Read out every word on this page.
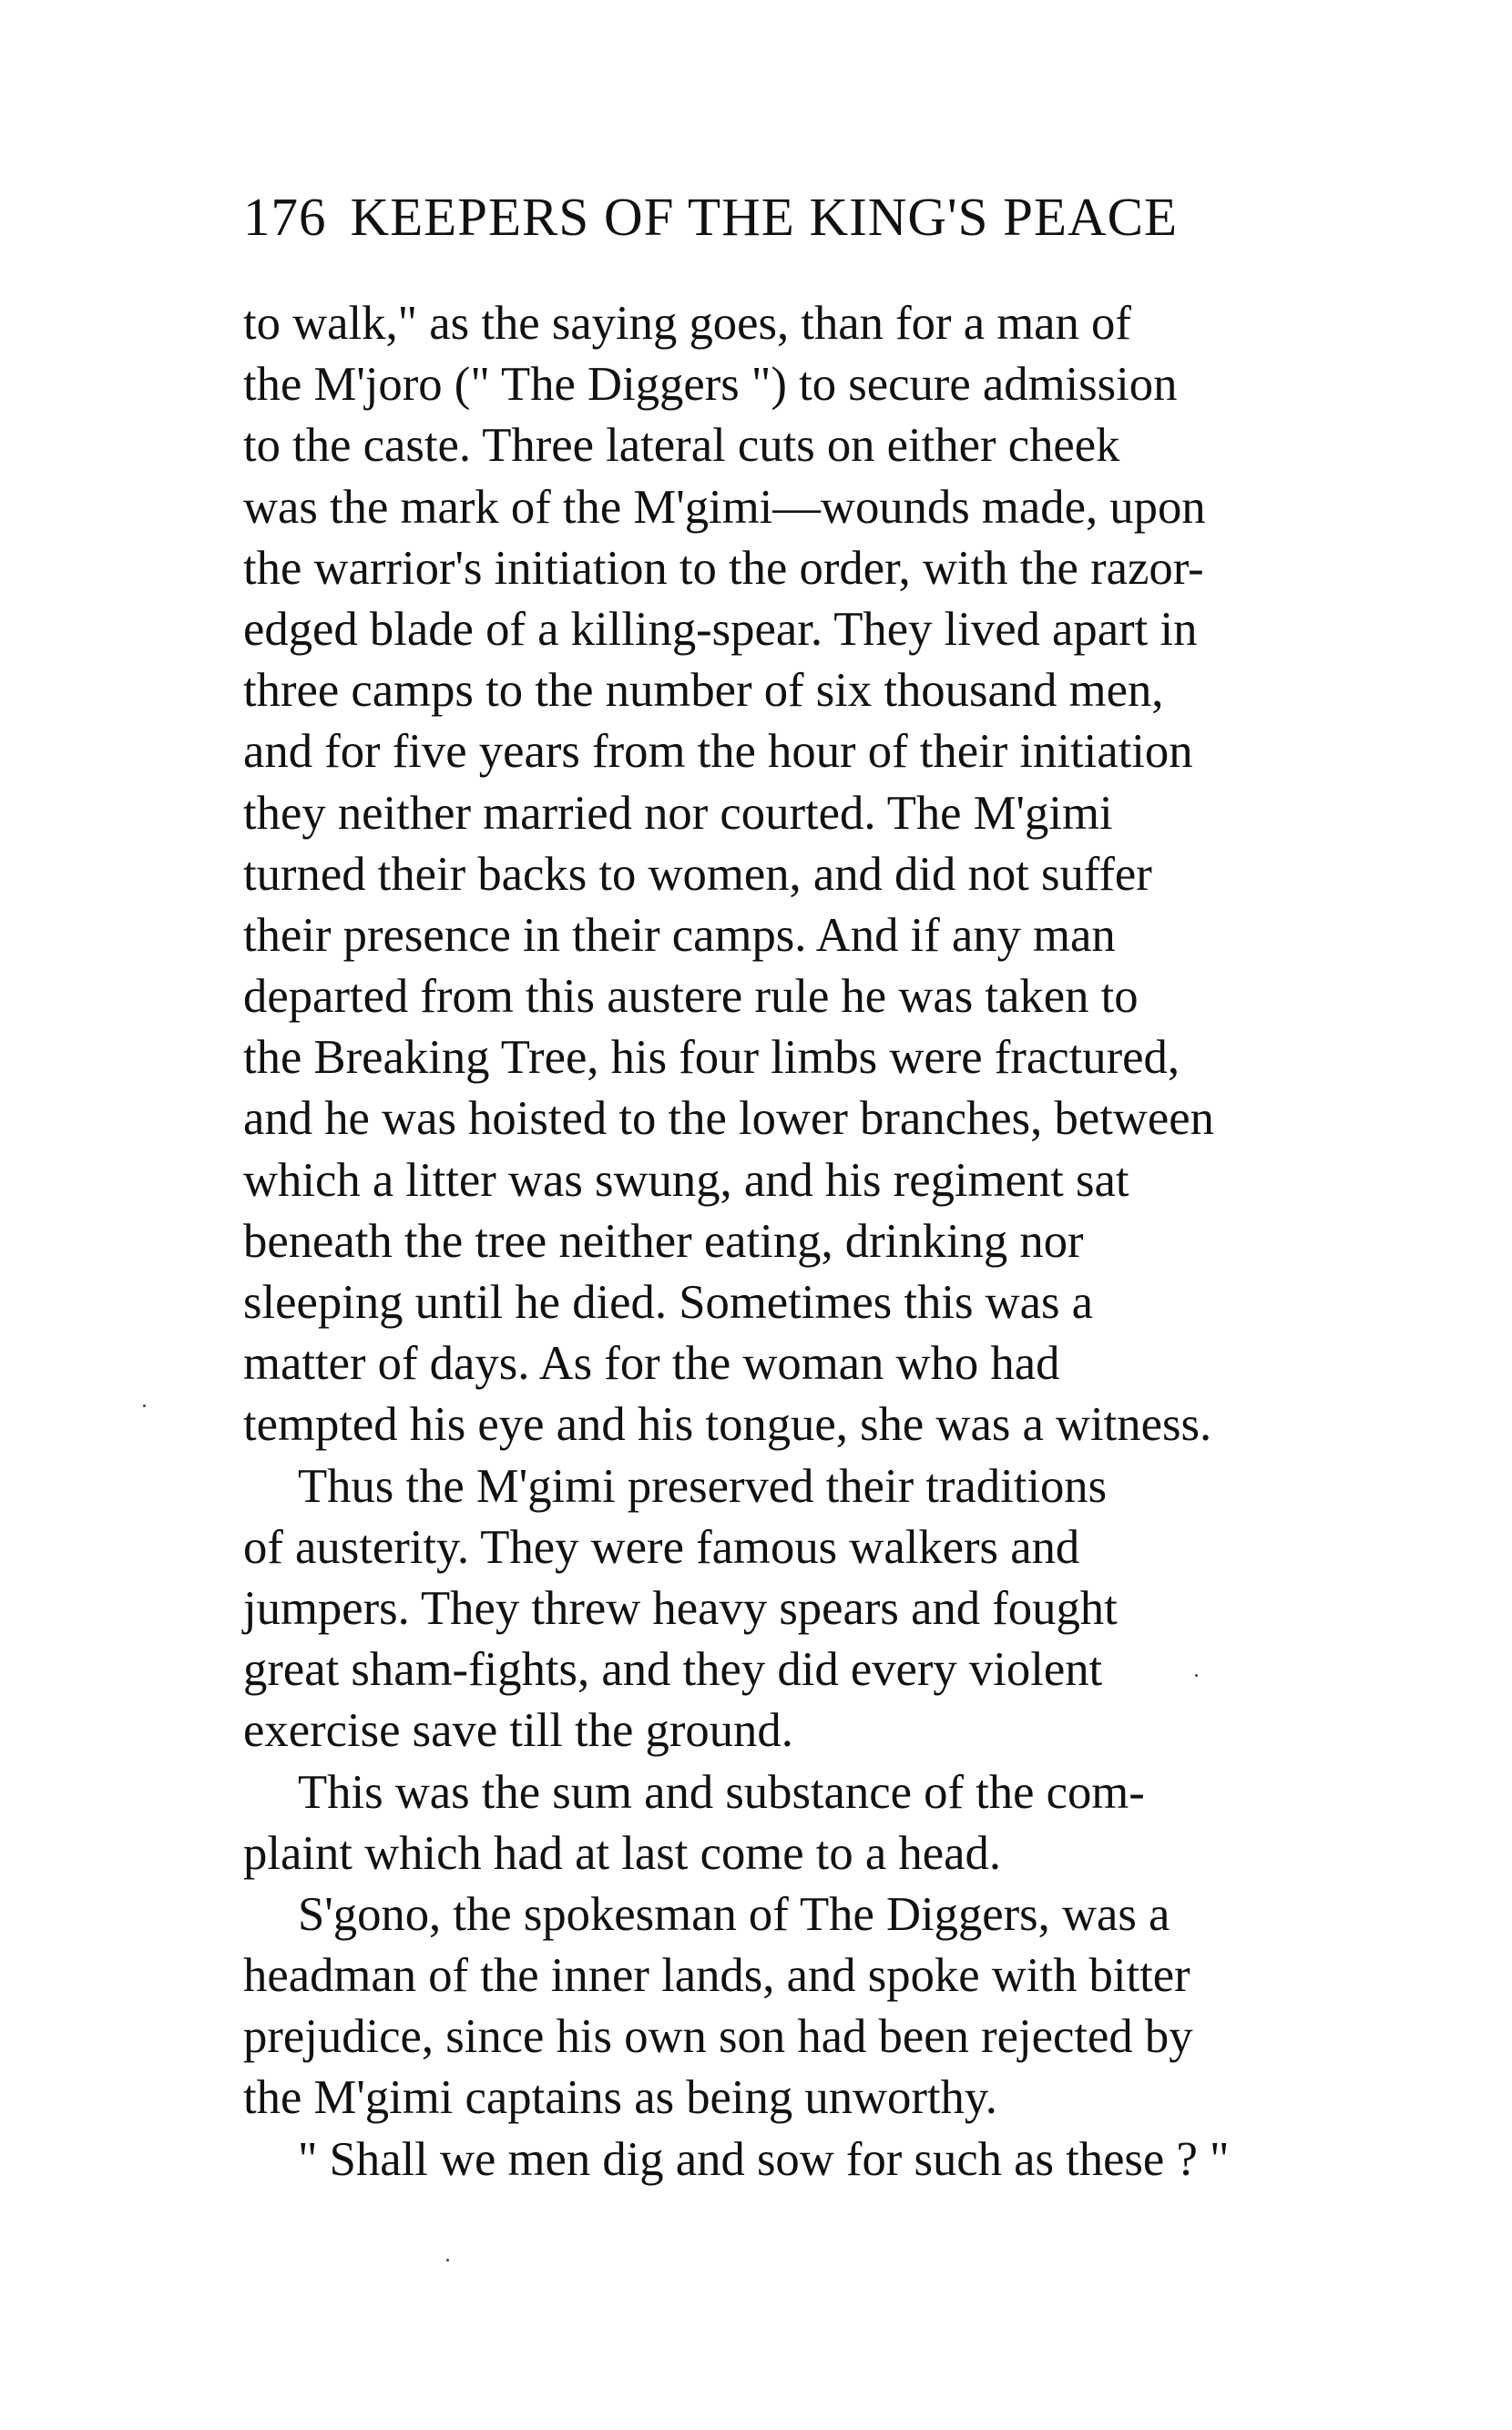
176 KEEPERS OF THE KING'S PEACE
to walk," as the saying goes, than for a man of
the M'joro (" The Diggers ") to secure admission
to the caste. Three lateral cuts on either cheek
was the mark of the M'gimi—wounds made, upon
the warrior's initiation to the order, with the razor-
edged blade of a killing-spear. They lived apart in
three camps to the number of six thousand men,
and for five years from the hour of their initiation
they neither married nor courted. The M'gimi
turned their backs to women, and did not suffer
their presence in their camps. And if any man
departed from this austere rule he was taken to
the Breaking Tree, his four limbs were fractured,
and he was hoisted to the lower branches, between
which a litter was swung, and his regiment sat
beneath the tree neither eating, drinking nor
sleeping until he died. Sometimes this was a
matter of days. As for the woman who had
tempted his eye and his tongue, she was a witness.
Thus the M'gimi preserved their traditions
of austerity. They were famous walkers and
jumpers. They threw heavy spears and fought
great sham-fights, and they did every violent
exercise save till the ground.
This was the sum and substance of the com-
plaint which had at last come to a head.
S'gono, the spokesman of The Diggers, was a
headman of the inner lands, and spoke with bitter
prejudice, since his own son had been rejected by
the M'gimi captains as being unworthy.
" Shall we men dig and sow for such as these ? "
